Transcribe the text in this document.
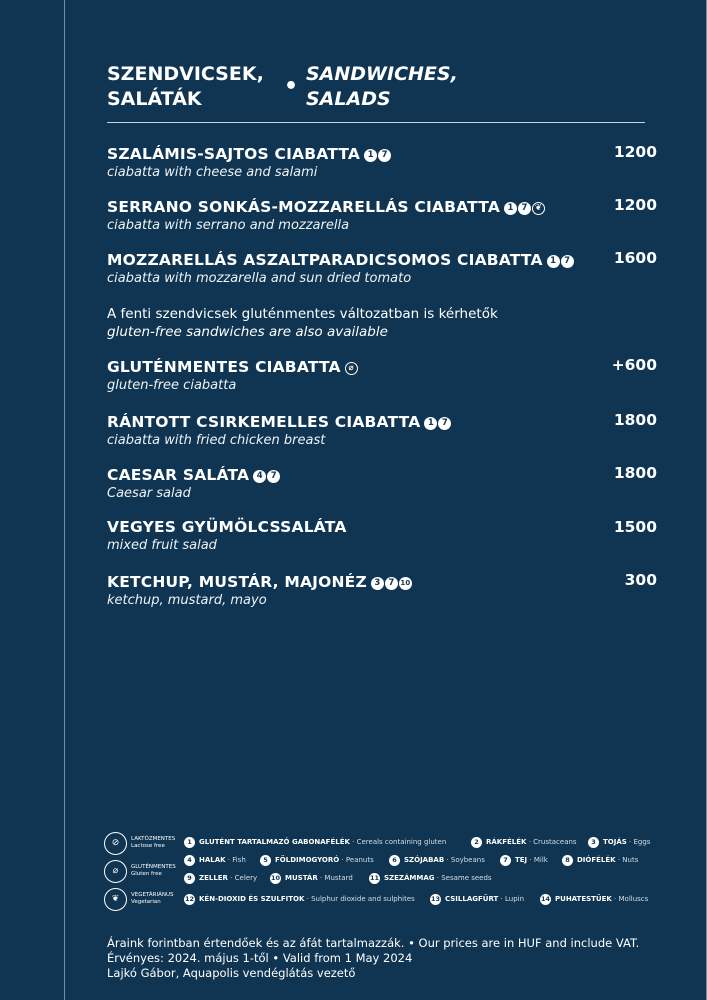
SZENDVICSEK, SALÁTÁK	• SANDWICHES, SALADS
SZALÁMIS-SAJTOS CIABATTA 1 7
ciabatta with cheese and salami
1200
SERRANO SONKÁS-MOZZARELLÁS CIABATTA 1 7 ❦
ciabatta with serrano and mozzarella
1200
MOZZARELLÁS ASZALTPARADICSOMOS CIABATTA 1 7
ciabatta with mozzarella and sun dried tomato
1600
GLUTÉNMENTES CIABATTA ⌀
gluten-free ciabatta
+600
RÁNTOTT CSIRKEMELLES CIABATTA 1 7
ciabatta with fried chicken breast
1800
CAESAR SALÁTA 4 7
Caesar salad
1800
VEGYES GYÜMÖLCSSALÁTA
mixed fruit salad
1500
KETCHUP, MUSTÁR, MAJONÉZ 3 7 10
ketchup, mustard, mayo
300
A fenti szendvicsek gluténmentes változatban is kérhetők
gluten-free sandwiches are also available
⊘	LAKTÓZMENTES
Lactose free
⌀	GLUTÉNMENTES
Gluten free
❦	VEGETÁRIÁNUS
Vegetarian
1 GLUTÉNT TARTALMAZÓ GABONAFÉLÉK · Cereals containing gluten	2 RÁKFÉLÉK · Crustaceans	3 TOJÁS · Eggs
4 HALAK · Fish	5 FÖLDIMOGYORÓ · Peanuts	6 SZÓJABAB · Soybeans	7 TEJ · Milk	8 DIÓFÉLÉK · Nuts
9 ZELLER · Celery 10 MUSTÁR · Mustard	11 SZEZÁMMAG · Sesame seeds
12 KÉN-DIOXID ÉS SZULFITOK · Sulphur dioxide and sulphites 13 CSILLAGFÜRT · Lupin	14 PUHATESTŰEK · Molluscs
Áraink forintban értendőek és az áfát tartalmazzák. • Our prices are in HUF and include VAT.
Érvényes: 2024. május 1-től • Valid from 1 May 2024
Lajkó Gábor, Aquapolis vendéglátás vezető
